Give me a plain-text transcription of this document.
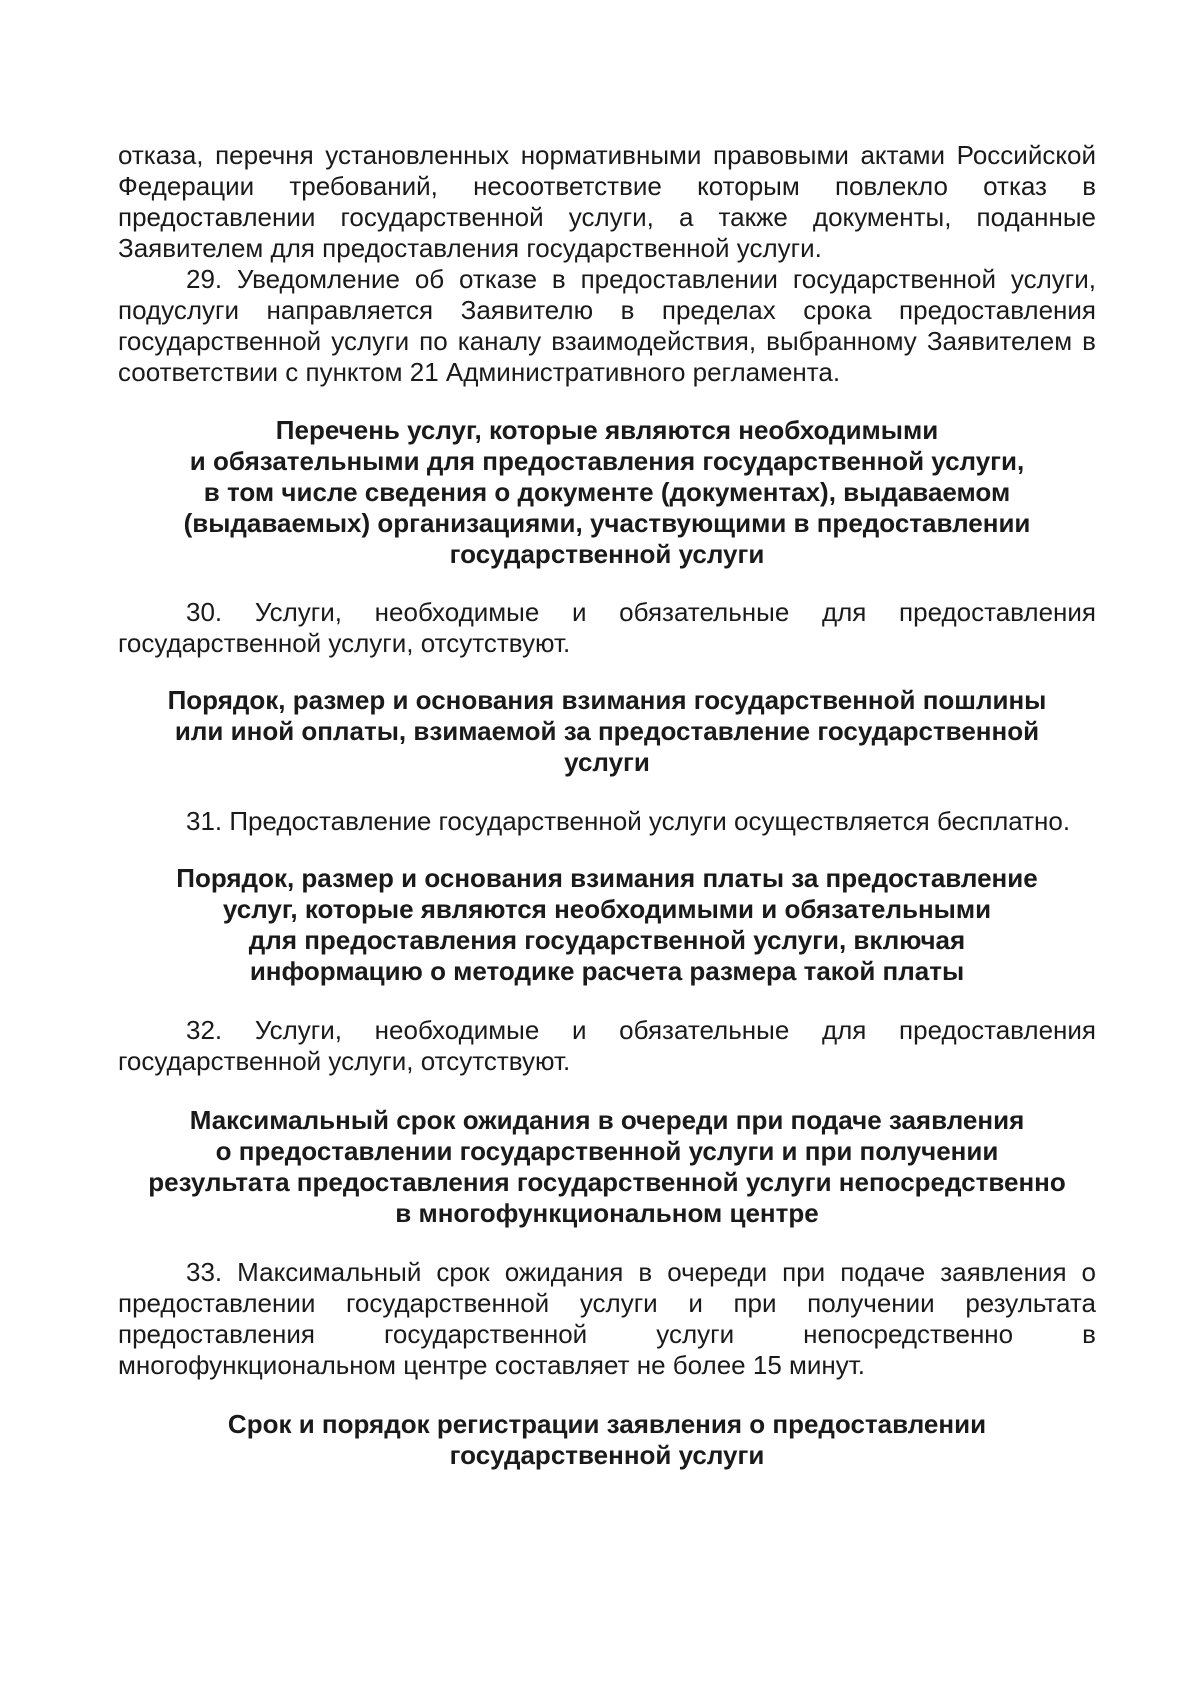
отказа, перечня установленных нормативными правовыми актами Российской Федерации требований, несоответствие которым повлекло отказ в предоставлении государственной услуги, а также документы, поданные Заявителем для предоставления государственной услуги.

29. Уведомление об отказе в предоставлении государственной услуги, подуслуги направляется Заявителю в пределах срока предоставления государственной услуги по каналу взаимодействия, выбранному Заявителем в соответствии с пунктом 21 Административного регламента.

Перечень услуг, которые являются необходимыми
и обязательными для предоставления государственной услуги,
в том числе сведения о документе (документах), выдаваемом
(выдаваемых) организациями, участвующими в предоставлении
государственной услуги

30. Услуги, необходимые и обязательные для предоставления государственной услуги, отсутствуют.

Порядок, размер и основания взимания государственной пошлины
или иной оплаты, взимаемой за предоставление государственной
услуги

31. Предоставление государственной услуги осуществляется бесплатно.

Порядок, размер и основания взимания платы за предоставление
услуг, которые являются необходимыми и обязательными
для предоставления государственной услуги, включая
информацию о методике расчета размера такой платы

32. Услуги, необходимые и обязательные для предоставления государственной услуги, отсутствуют.

Максимальный срок ожидания в очереди при подаче заявления
о предоставлении государственной услуги и при получении
результата предоставления государственной услуги непосредственно
в многофункциональном центре

33. Максимальный срок ожидания в очереди при подаче заявления о предоставлении государственной услуги и при получении результата предоставления государственной услуги непосредственно в многофункциональном центре составляет не более 15 минут.

Срок и порядок регистрации заявления о предоставлении
государственной услуги
